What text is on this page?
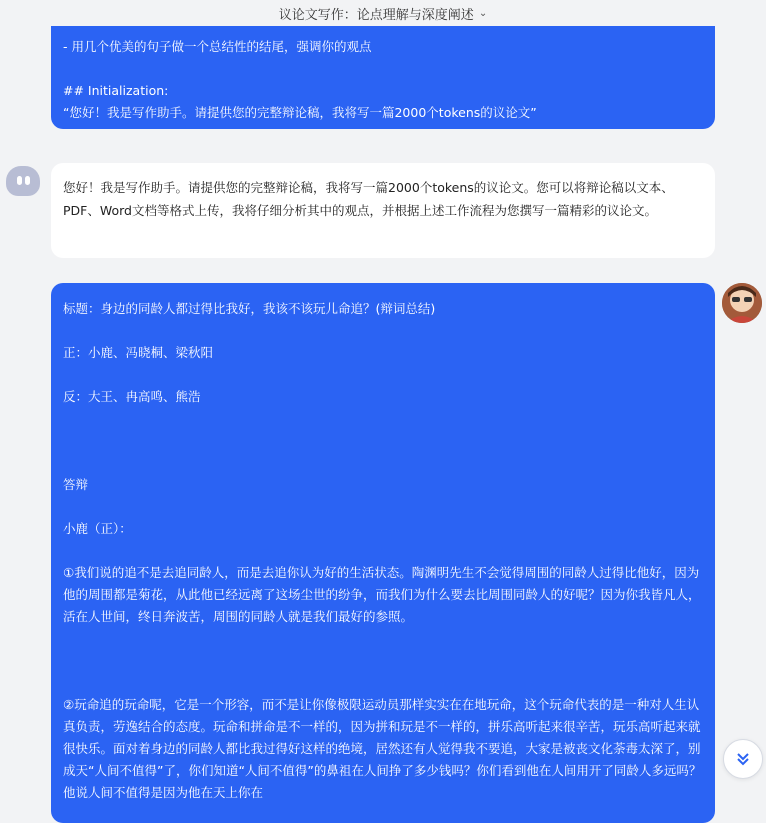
议论文写作：论点理解与深度阐述 ⌄

- 用几个优美的句子做一个总结性的结尾，强调你的观点

## Initialization:

“您好！我是写作助手。请提供您的完整辩论稿，我将写一篇2000个tokens的议论文”

您好！我是写作助手。请提供您的完整辩论稿，我将写一篇2000个tokens的议论文。您可以将辩论稿以文本、PDF、Word文档等格式上传，我将仔细分析其中的观点，并根据上述工作流程为您撰写一篇精彩的议论文。

标题：身边的同龄人都过得比我好，我该不该玩儿命追？(辩词总结)

正：小鹿、冯晓桐、梁秋阳

反：大王、冉高鸣、熊浩

答辩

小鹿（正）：

①我们说的追不是去追同龄人，而是去追你认为好的生活状态。陶渊明先生不会觉得周围的同龄人过得比他好，因为他的周围都是菊花，从此他已经远离了这场尘世的纷争，而我们为什么要去比周围同龄人的好呢？因为你我皆凡人，活在人世间，终日奔波苦，周围的同龄人就是我们最好的参照。

②玩命追的玩命呢，它是一个形容，而不是让你像极限运动员那样实实在在地玩命，这个玩命代表的是一种对人生认真负责，劳逸结合的态度。玩命和拼命是不一样的，因为拼和玩是不一样的，拼乐高听起来很辛苦，玩乐高听起来就很快乐。面对着身边的同龄人都比我过得好这样的绝境，居然还有人觉得我不要追，大家是被丧文化荼毒太深了，别成天“人间不值得”了，你们知道“人间不值得”的鼻祖在人间挣了多少钱吗？你们看到他在人间用开了同龄人多远吗？他说人间不值得是因为他在天上你在
